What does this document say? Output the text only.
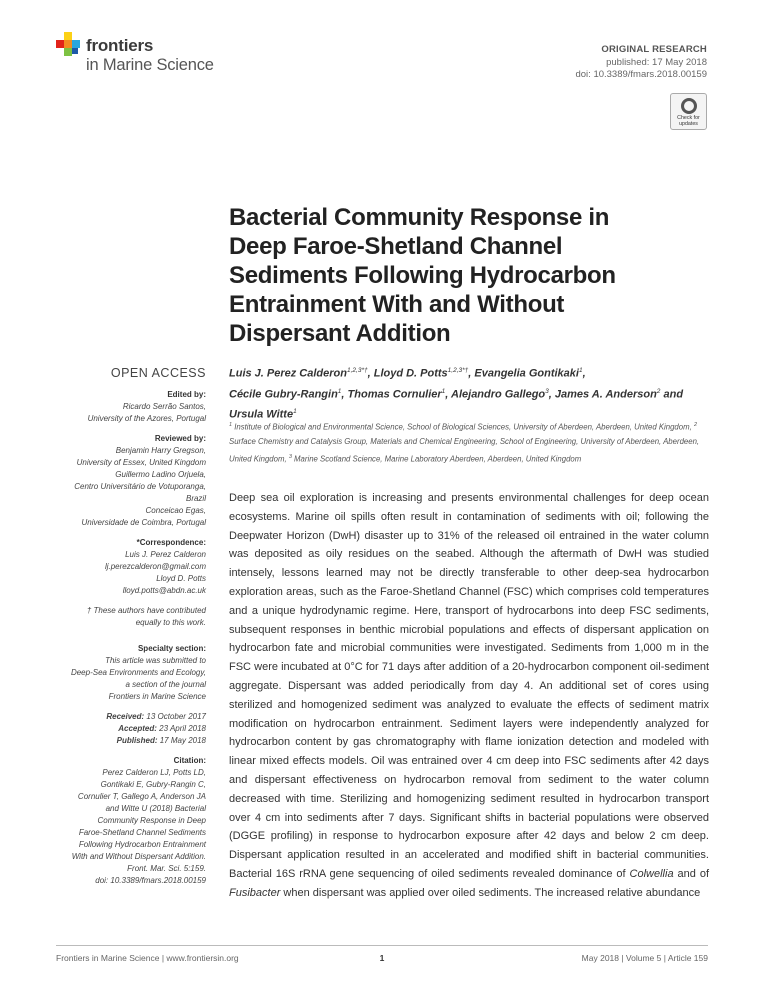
frontiers
in Marine Science
ORIGINAL RESEARCH
published: 17 May 2018
doi: 10.3389/fmars.2018.00159
Check for
updates
Bacterial Community Response in
Deep Faroe-Shetland Channel
Sediments Following Hydrocarbon
Entrainment With and Without
Dispersant Addition
Luis J. Perez Calderon$^{1,2,3*\dagger}$, Lloyd D. Potts$^{1,2,3*\dagger}$, Evangelia Gontikaki$^1$,
Cécile Gubry-Rangin$^1$, Thomas Cornulier$^1$, Alejandro Gallego$^3$, James A. Anderson$^2$ and
Ursula Witte$^1$
$^1$ Institute of Biological and Environmental Science, School of Biological Sciences, University of Aberdeen, Aberdeen, United Kingdom, $^2$ Surface Chemistry and Catalysis Group, Materials and Chemical Engineering, School of Engineering, University of Aberdeen, Aberdeen, United Kingdom, $^3$ Marine Scotland Science, Marine Laboratory Aberdeen, Aberdeen, United Kingdom
Deep sea oil exploration is increasing and presents environmental challenges for deep ocean ecosystems. Marine oil spills often result in contamination of sediments with oil; following the Deepwater Horizon (DwH) disaster up to 31% of the released oil entrained in the water column was deposited as oily residues on the seabed. Although the aftermath of DwH was studied intensely, lessons learned may not be directly transferable to other deep-sea hydrocarbon exploration areas, such as the Faroe-Shetland Channel (FSC) which comprises cold temperatures and a unique hydrodynamic regime. Here, transport of hydrocarbons into deep FSC sediments, subsequent responses in benthic microbial populations and effects of dispersant application on hydrocarbon fate and microbial communities were investigated. Sediments from 1,000 m in the FSC were incubated at 0°C for 71 days after addition of a 20-hydrocarbon component oil-sediment aggregate. Dispersant was added periodically from day 4. An additional set of cores using sterilized and homogenized sediment was analyzed to evaluate the effects of sediment matrix modification on hydrocarbon entrainment. Sediment layers were independently analyzed for hydrocarbon content by gas chromatography with flame ionization detection and modeled with linear mixed effects models. Oil was entrained over 4 cm deep into FSC sediments after 42 days and dispersant effectiveness on hydrocarbon removal from sediment to the water column decreased with time. Sterilizing and homogenizing sediment resulted in hydrocarbon transport over 4 cm into sediments after 7 days. Significant shifts in bacterial populations were observed (DGGE profiling) in response to hydrocarbon exposure after 42 days and below 2 cm deep. Dispersant application resulted in an accelerated and modified shift in bacterial communities. Bacterial 16S rRNA gene sequencing of oiled sediments revealed dominance of Colwellia and of Fusibacter when dispersant was applied over oiled sediments. The increased relative abundance
OPEN ACCESS
Edited by:
Ricardo Serrão Santos,
University of the Azores, Portugal
Reviewed by:
Benjamin Harry Gregson,
University of Essex, United Kingdom
Guillermo Ladino Orjuela,
Centro Universitário de Votuporanga,
Brazil
Conceicao Egas,
Universidade de Coimbra, Portugal
*Correspondence:
Luis J. Perez Calderon
lj.perezcalderon@gmail.com
Lloyd D. Potts
lloyd.potts@abdn.ac.uk
† These authors have contributed
equally to this work.
Specialty section:
This article was submitted to
Deep-Sea Environments and Ecology,
a section of the journal
Frontiers in Marine Science
Received: 13 October 2017
Accepted: 23 April 2018
Published: 17 May 2018
Citation:
Perez Calderon LJ, Potts LD,
Gontikaki E, Gubry-Rangin C,
Cornulier T, Gallego A, Anderson JA
and Witte U (2018) Bacterial
Community Response in Deep
Faroe-Shetland Channel Sediments
Following Hydrocarbon Entrainment
With and Without Dispersant Addition.
Front. Mar. Sci. 5:159.
doi: 10.3389/fmars.2018.00159
Frontiers in Marine Science | www.frontiersin.org	1	May 2018 | Volume 5 | Article 159
